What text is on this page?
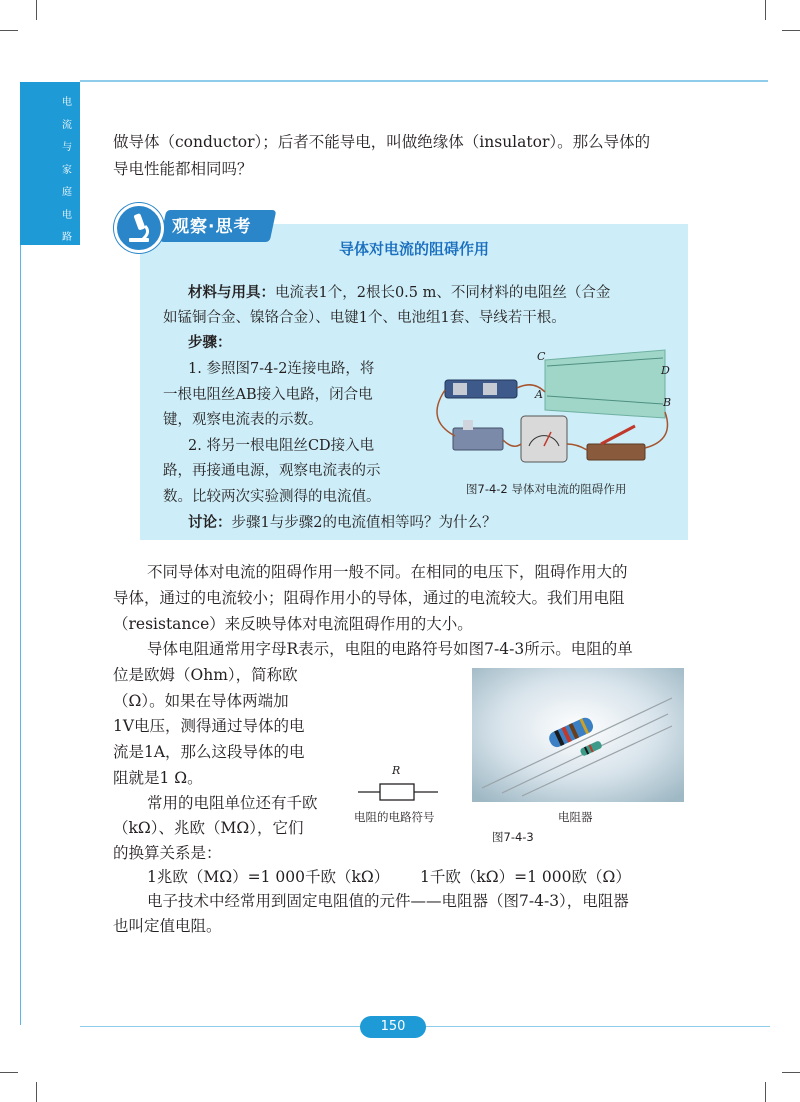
电
流
与
家
庭
电
路
做导体（conductor）；后者不能导电，叫做绝缘体（insulator）。那么导体的
导电性能都相同吗？
观察·思考
导体对电流的阻碍作用
材料与用具：电流表1个，2根长0.5 m、不同材料的电阻丝（合金
如锰铜合金、镍铬合金）、电键1个、电池组1套、导线若干根。
步骤：
1. 参照图7-4-2连接电路，将
一根电阻丝AB接入电路，闭合电
键，观察电流表的示数。
2. 将另一根电阻丝CD接入电
路，再接通电源，观察电流表的示
数。比较两次实验测得的电流值。
讨论：步骤1与步骤2的电流值相等吗？为什么？
C
D
A
B
图7-4-2 导体对电流的阻碍作用
不同导体对电流的阻碍作用一般不同。在相同的电压下，阻碍作用大的
导体，通过的电流较小；阻碍作用小的导体，通过的电流较大。我们用电阻
（resistance）来反映导体对电流阻碍作用的大小。
导体电阻通常用字母R表示，电阻的电路符号如图7-4-3所示。电阻的单
位是欧姆（Ohm），简称欧
（Ω）。如果在导体两端加
1V电压，测得通过导体的电
流是1A，那么这段导体的电
阻就是1 Ω。
常用的电阻单位还有千欧
（kΩ）、兆欧（MΩ），它们
的换算关系是：
1兆欧（MΩ）=1 000千欧（kΩ） 1千欧（kΩ）=1 000欧（Ω）
电子技术中经常用到固定电阻值的元件——电阻器（图7-4-3），电阻器
也叫定值电阻。
R
电阻的电路符号	电阻器
图7-4-3
150
